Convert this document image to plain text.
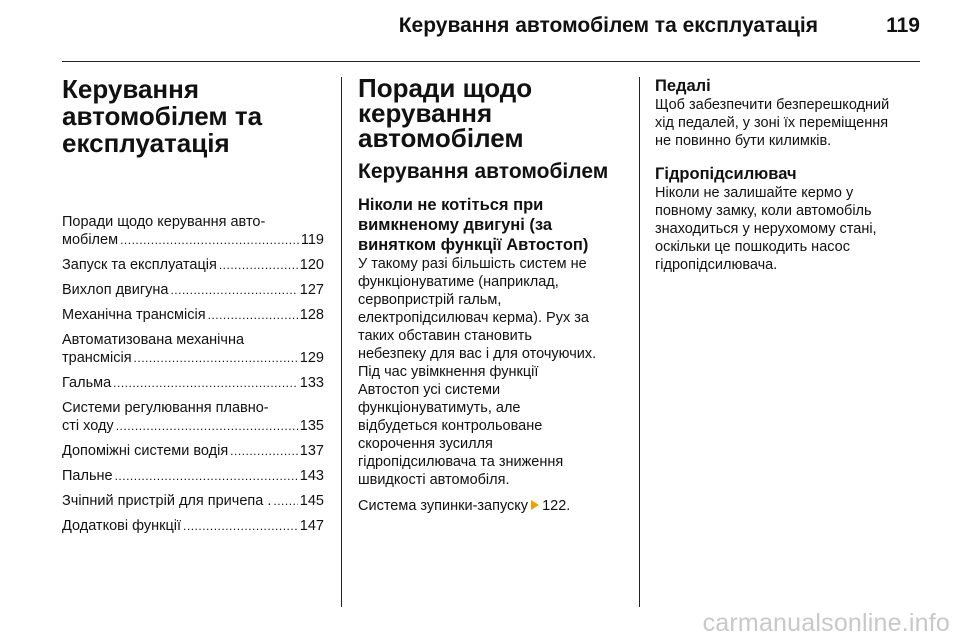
Керування автомобілем та експлуатація	119
Керування
автомобілем та
експлуатація
Поради щодо керування авто-
мобілем .....	119
Запуск та експлуатація .....	120
Вихлоп двигуна .....	127
Механічна трансмісія .....	128
Автоматизована механічна
трансмісія .....	129
Гальма .....	133
Системи регулювання плавно-
сті ходу .....	135
Допоміжні системи водія .....	137
Пальне .....	143
Зчіпний пристрій для причепа . ..... 145
Додаткові функції .....	147
Поради щодо
керування
автомобілем
Керування автомобілем
Ніколи не котіться при
вимкненому двигуні (за
винятком функції Автостоп)

У такому разі більшість систем не
функціонуватиме (наприклад,
сервопристрій гальм,
електропідсилювач керма). Рух за
таких обставин становить
небезпеку для вас і для оточуючих.
Під час увімкнення функції
Автостоп усі системи
функціонуватимуть, але
відбудеться контрольоване
скорочення зусилля
гідропідсилювача та зниження
швидкості автомобіля.

Система зупинки-запуску 122.

Педалі

Щоб забезпечити безперешкодний
хід педалей, у зоні їх переміщення
не повинно бути килимків.

Гідропідсилювач

Ніколи не залишайте кермо у
повному замку, коли автомобіль
знаходиться у нерухомому стані,
оскільки це пошкодить насос
гідропідсилювача.

carmanualsonline.info
